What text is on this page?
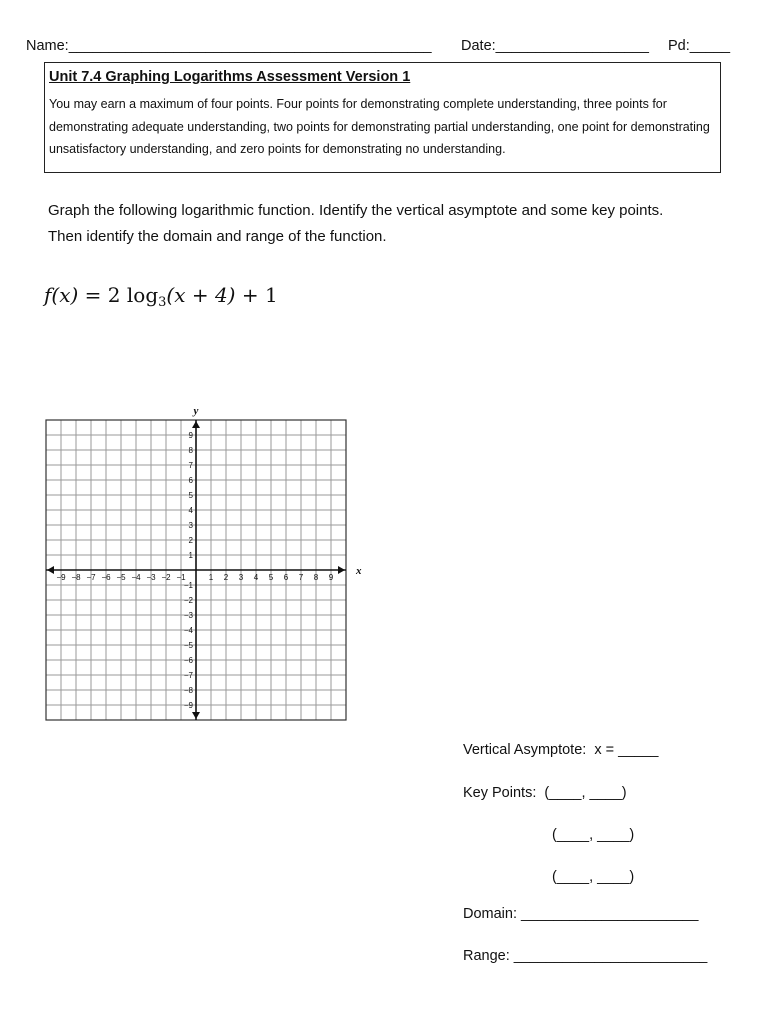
Name:_____________________________________________ Date:___________________ Pd:_____
Unit 7.4 Graphing Logarithms Assessment Version 1
You may earn a maximum of four points. Four points for demonstrating complete understanding, three points for demonstrating adequate understanding, two points for demonstrating partial understanding, one point for demonstrating unsatisfactory understanding, and zero points for demonstrating no understanding.
Graph the following logarithmic function. Identify the vertical asymptote and some key points. Then identify the domain and range of the function.
f(x) = 2 $\log_3(x + 4) + 1$
−9 −8 −7 −6 −5 −4 −3 −2 −1	1 2 3 4 5 6 7 8 9
−9
−8
−7
−6
−5
−4
−3
−2
−1
1
2
3
4
5
6
7
8
9
x
y
Vertical Asymptote:  x = _____
Key Points:  (____, ____)
(____, ____)
(____, ____)
Domain: ______________________
Range: ________________________
